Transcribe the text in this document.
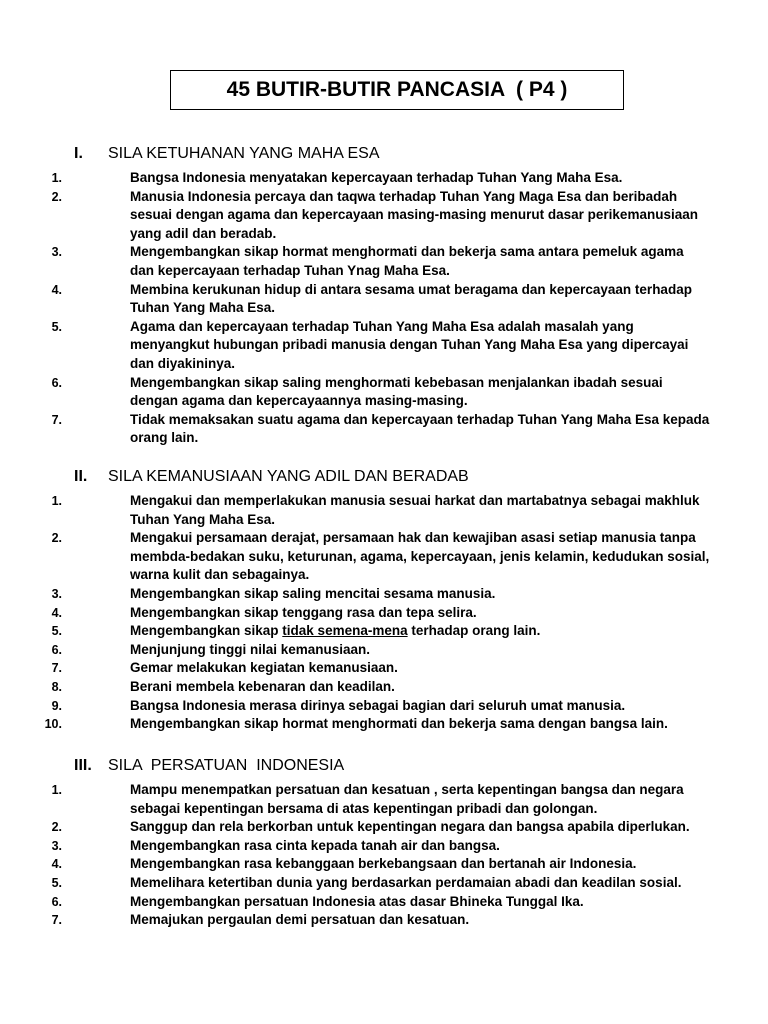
45 BUTIR-BUTIR PANCASIA  ( P4 )
I. SILA KETUHANAN YANG MAHA ESA
1.	Bangsa Indonesia menyatakan kepercayaan terhadap Tuhan Yang Maha Esa.
2.	Manusia Indonesia percaya dan taqwa terhadap Tuhan Yang Maga Esa dan beribadah sesuai dengan agama dan kepercayaan masing-masing menurut dasar perikemanusiaan yang adil dan beradab.
3.	Mengembangkan sikap hormat menghormati dan bekerja sama antara pemeluk agama dan kepercayaan terhadap Tuhan Ynag Maha Esa.
4.	Membina kerukunan hidup di antara sesama umat beragama dan kepercayaan terhadap Tuhan Yang Maha Esa.
5.	Agama dan kepercayaan terhadap Tuhan Yang Maha Esa adalah masalah yang menyangkut hubungan pribadi manusia dengan Tuhan Yang Maha Esa yang dipercayai dan diyakininya.
6.	Mengembangkan sikap saling menghormati kebebasan menjalankan ibadah sesuai dengan agama dan kepercayaannya masing-masing.
7.	Tidak memaksakan suatu agama dan kepercayaan terhadap Tuhan Yang Maha Esa kepada orang lain.
II. SILA KEMANUSIAAN YANG ADIL DAN BERADAB
1.	Mengakui dan memperlakukan manusia sesuai harkat dan martabatnya sebagai makhluk Tuhan Yang Maha Esa.
2.	Mengakui persamaan derajat, persamaan hak dan kewajiban asasi setiap manusia tanpa membda-bedakan suku, keturunan, agama, kepercayaan, jenis kelamin, kedudukan sosial, warna kulit dan sebagainya.
3.	Mengembangkan sikap saling mencitai sesama manusia.
4.	Mengembangkan sikap tenggang rasa dan tepa selira.
5.	Mengembangkan sikap tidak semena-mena terhadap orang lain.
6.	Menjunjung tinggi nilai kemanusiaan.
7.	Gemar melakukan kegiatan kemanusiaan.
8.	Berani membela kebenaran dan keadilan.
9.	Bangsa Indonesia merasa dirinya sebagai bagian dari seluruh umat manusia.
10.	Mengembangkan sikap hormat menghormati dan bekerja sama dengan bangsa lain.
III. SILA  PERSATUAN  INDONESIA
1.	Mampu menempatkan persatuan dan kesatuan , serta kepentingan bangsa dan negara sebagai kepentingan bersama di atas kepentingan pribadi dan golongan.
2.	Sanggup dan rela berkorban untuk kepentingan negara dan bangsa apabila diperlukan.
3.	Mengembangkan rasa cinta kepada tanah air dan bangsa.
4.	Mengembangkan rasa kebanggaan berkebangsaan dan bertanah air Indonesia.
5.	Memelihara ketertiban dunia yang berdasarkan perdamaian abadi dan keadilan sosial.
6.	Mengembangkan persatuan Indonesia atas dasar Bhineka Tunggal Ika.
7.	Memajukan pergaulan demi persatuan dan kesatuan.
